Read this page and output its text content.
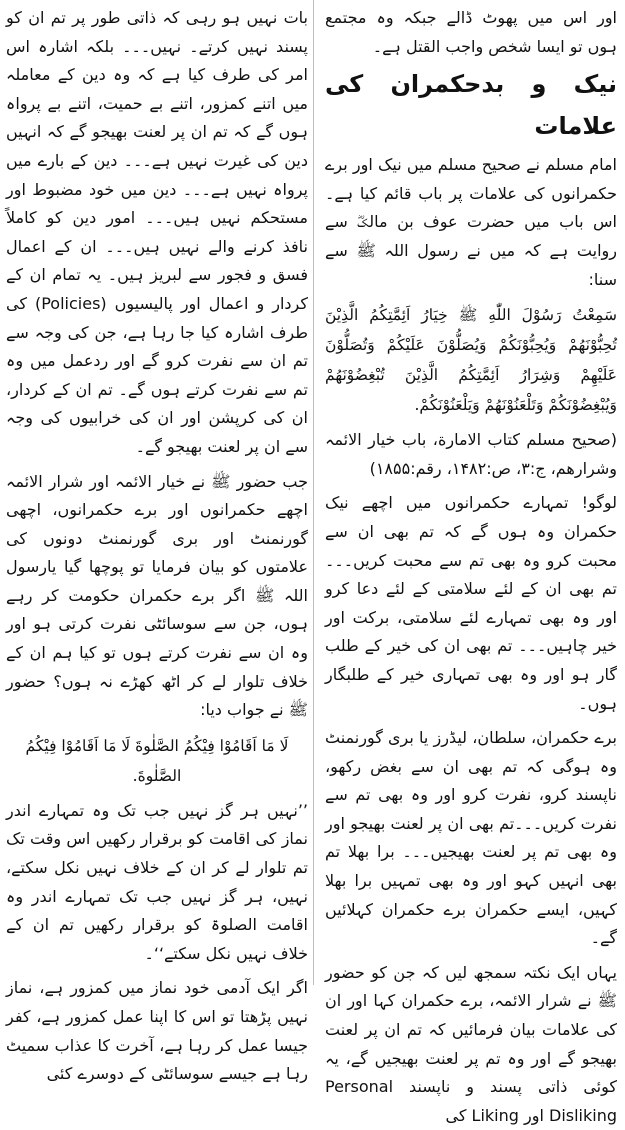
اور اس میں پھوٹ ڈالے جبکہ وہ مجتمع ہوں تو ایسا شخص واجب القتل ہے۔

نیک و بدحکمران کی علامات

امام مسلم نے صحیح مسلم میں نیک اور برے حکمرانوں کی علامات پر باب قائم کیا ہے۔ اس باب میں حضرت عوف بن مالکؓ سے روایت ہے کہ میں نے رسول اللہ ﷺ سے سنا:

سَمِعْتُ رَسُوْلَ اللّٰهِ ﷺ خِيَارُ اَئِمَّتِكُمُ الَّذِيْنَ تُحِبُّوْنَهُمْ وَيُحِبُّوْنَكُمْ وَيُصَلُّوْنَ عَلَيْكُمْ وَتُصَلُّوْنَ عَلَيْهِمْ وَشِرَارُ اَئِمَّتِكُمُ الَّذِيْنَ تُبْغِضُوْنَهُمْ وَيُبْغِضُوْنَكُمْ وَتَلْعَنُوْنَهُمْ وَيَلْعَنُوْنَكُمْ.

(صحیح مسلم کتاب الامارة، باب خیار الائمہ وشرارهم، ج:۳، ص:۱۴۸۲، رقم:۱۸۵۵)

لوگو! تمہارے حکمرانوں میں اچھے نیک حکمران وہ ہوں گے کہ تم بھی ان سے محبت کرو وہ بھی تم سے محبت کریں۔۔۔تم بھی ان کے لئے سلامتی کے لئے دعا کرو اور وہ بھی تمہارے لئے سلامتی، برکت اور خیر چاہیں۔۔۔ تم بھی ان کی خیر کے طلب گار ہو اور وہ بھی تمہاری خیر کے طلبگار ہوں۔

برے حکمران، سلطان، لیڈرز یا بری گورنمنٹ وہ ہوگی کہ تم بھی ان سے بغض رکھو، ناپسند کرو، نفرت کرو اور وہ بھی تم سے نفرت کریں۔۔۔تم بھی ان پر لعنت بھیجو اور وہ بھی تم پر لعنت بھیجیں۔۔۔ برا بھلا تم بھی انہیں کہو اور وہ بھی تمہیں برا بھلا کہیں، ایسے حکمران برے حکمران کہلائیں گے۔

یہاں ایک نکتہ سمجھ لیں کہ جن کو حضور ﷺ نے شرار الائمہ، برے حکمران کہا اور ان کی علامات بیان فرمائیں کہ تم ان پر لعنت بھیجو گے اور وہ تم پر لعنت بھیجیں گے، یہ کوئی ذاتی پسند و ناپسند Personal Disliking اور Liking کی

بات نہیں ہو رہی کہ ذاتی طور پر تم ان کو پسند نہیں کرتے۔ نہیں۔۔۔ بلکہ اشارہ اس امر کی طرف کیا ہے کہ وہ دین کے معاملہ میں اتنے کمزور، اتنے بے حمیت، اتنے بے پرواہ ہوں گے کہ تم ان پر لعنت بھیجو گے کہ انہیں دین کی غیرت نہیں ہے۔۔۔ دین کے بارے میں پرواہ نہیں ہے۔۔۔ دین میں خود مضبوط اور مستحکم نہیں ہیں۔۔۔ امور دین کو کاملاً نافذ کرنے والے نہیں ہیں۔۔۔ ان کے اعمال فسق و فجور سے لبریز ہیں۔ یہ تمام ان کے کردار و اعمال اور پالیسیوں (Policies) کی طرف اشارہ کیا جا رہا ہے، جن کی وجہ سے تم ان سے نفرت کرو گے اور ردعمل میں وہ تم سے نفرت کرتے ہوں گے۔ تم ان کے کردار، ان کی کرپشن اور ان کی خرابیوں کی وجہ سے ان پر لعنت بھیجو گے۔

جب حضور ﷺ نے خیار الائمہ اور شرار الائمہ اچھے حکمرانوں اور برے حکمرانوں، اچھی گورنمنٹ اور بری گورنمنٹ دونوں کی علامتوں کو بیان فرمایا تو پوچھا گیا یارسول اللہ ﷺ اگر برے حکمران حکومت کر رہے ہوں، جن سے سوسائٹی نفرت کرتی ہو اور وہ ان سے نفرت کرتے ہوں تو کیا ہم ان کے خلاف تلوار لے کر اٹھ کھڑے نہ ہوں؟ حضور ﷺ نے جواب دیا:

لَا مَا اَقَامُوْا فِيْكُمُ الصَّلٰوةَ لَا مَا اَقَامُوْا فِيْكُمُ الصَّلٰوةَ.

’’نہیں ہر گز نہیں جب تک وہ تمہارے اندر نماز کی اقامت کو برقرار رکھیں اس وقت تک تم تلوار لے کر ان کے خلاف نہیں نکل سکتے، نہیں، ہر گز نہیں جب تک تمہارے اندر وہ اقامت الصلوۃ کو برقرار رکھیں تم ان کے خلاف نہیں نکل سکتے‘‘۔

اگر ایک آدمی خود نماز میں کمزور ہے، نماز نہیں پڑھتا تو اس کا اپنا عمل کمزور ہے، کفر جیسا عمل کر رہا ہے، آخرت کا عذاب سمیٹ رہا ہے جیسے سوسائٹی کے دوسرے کئی
